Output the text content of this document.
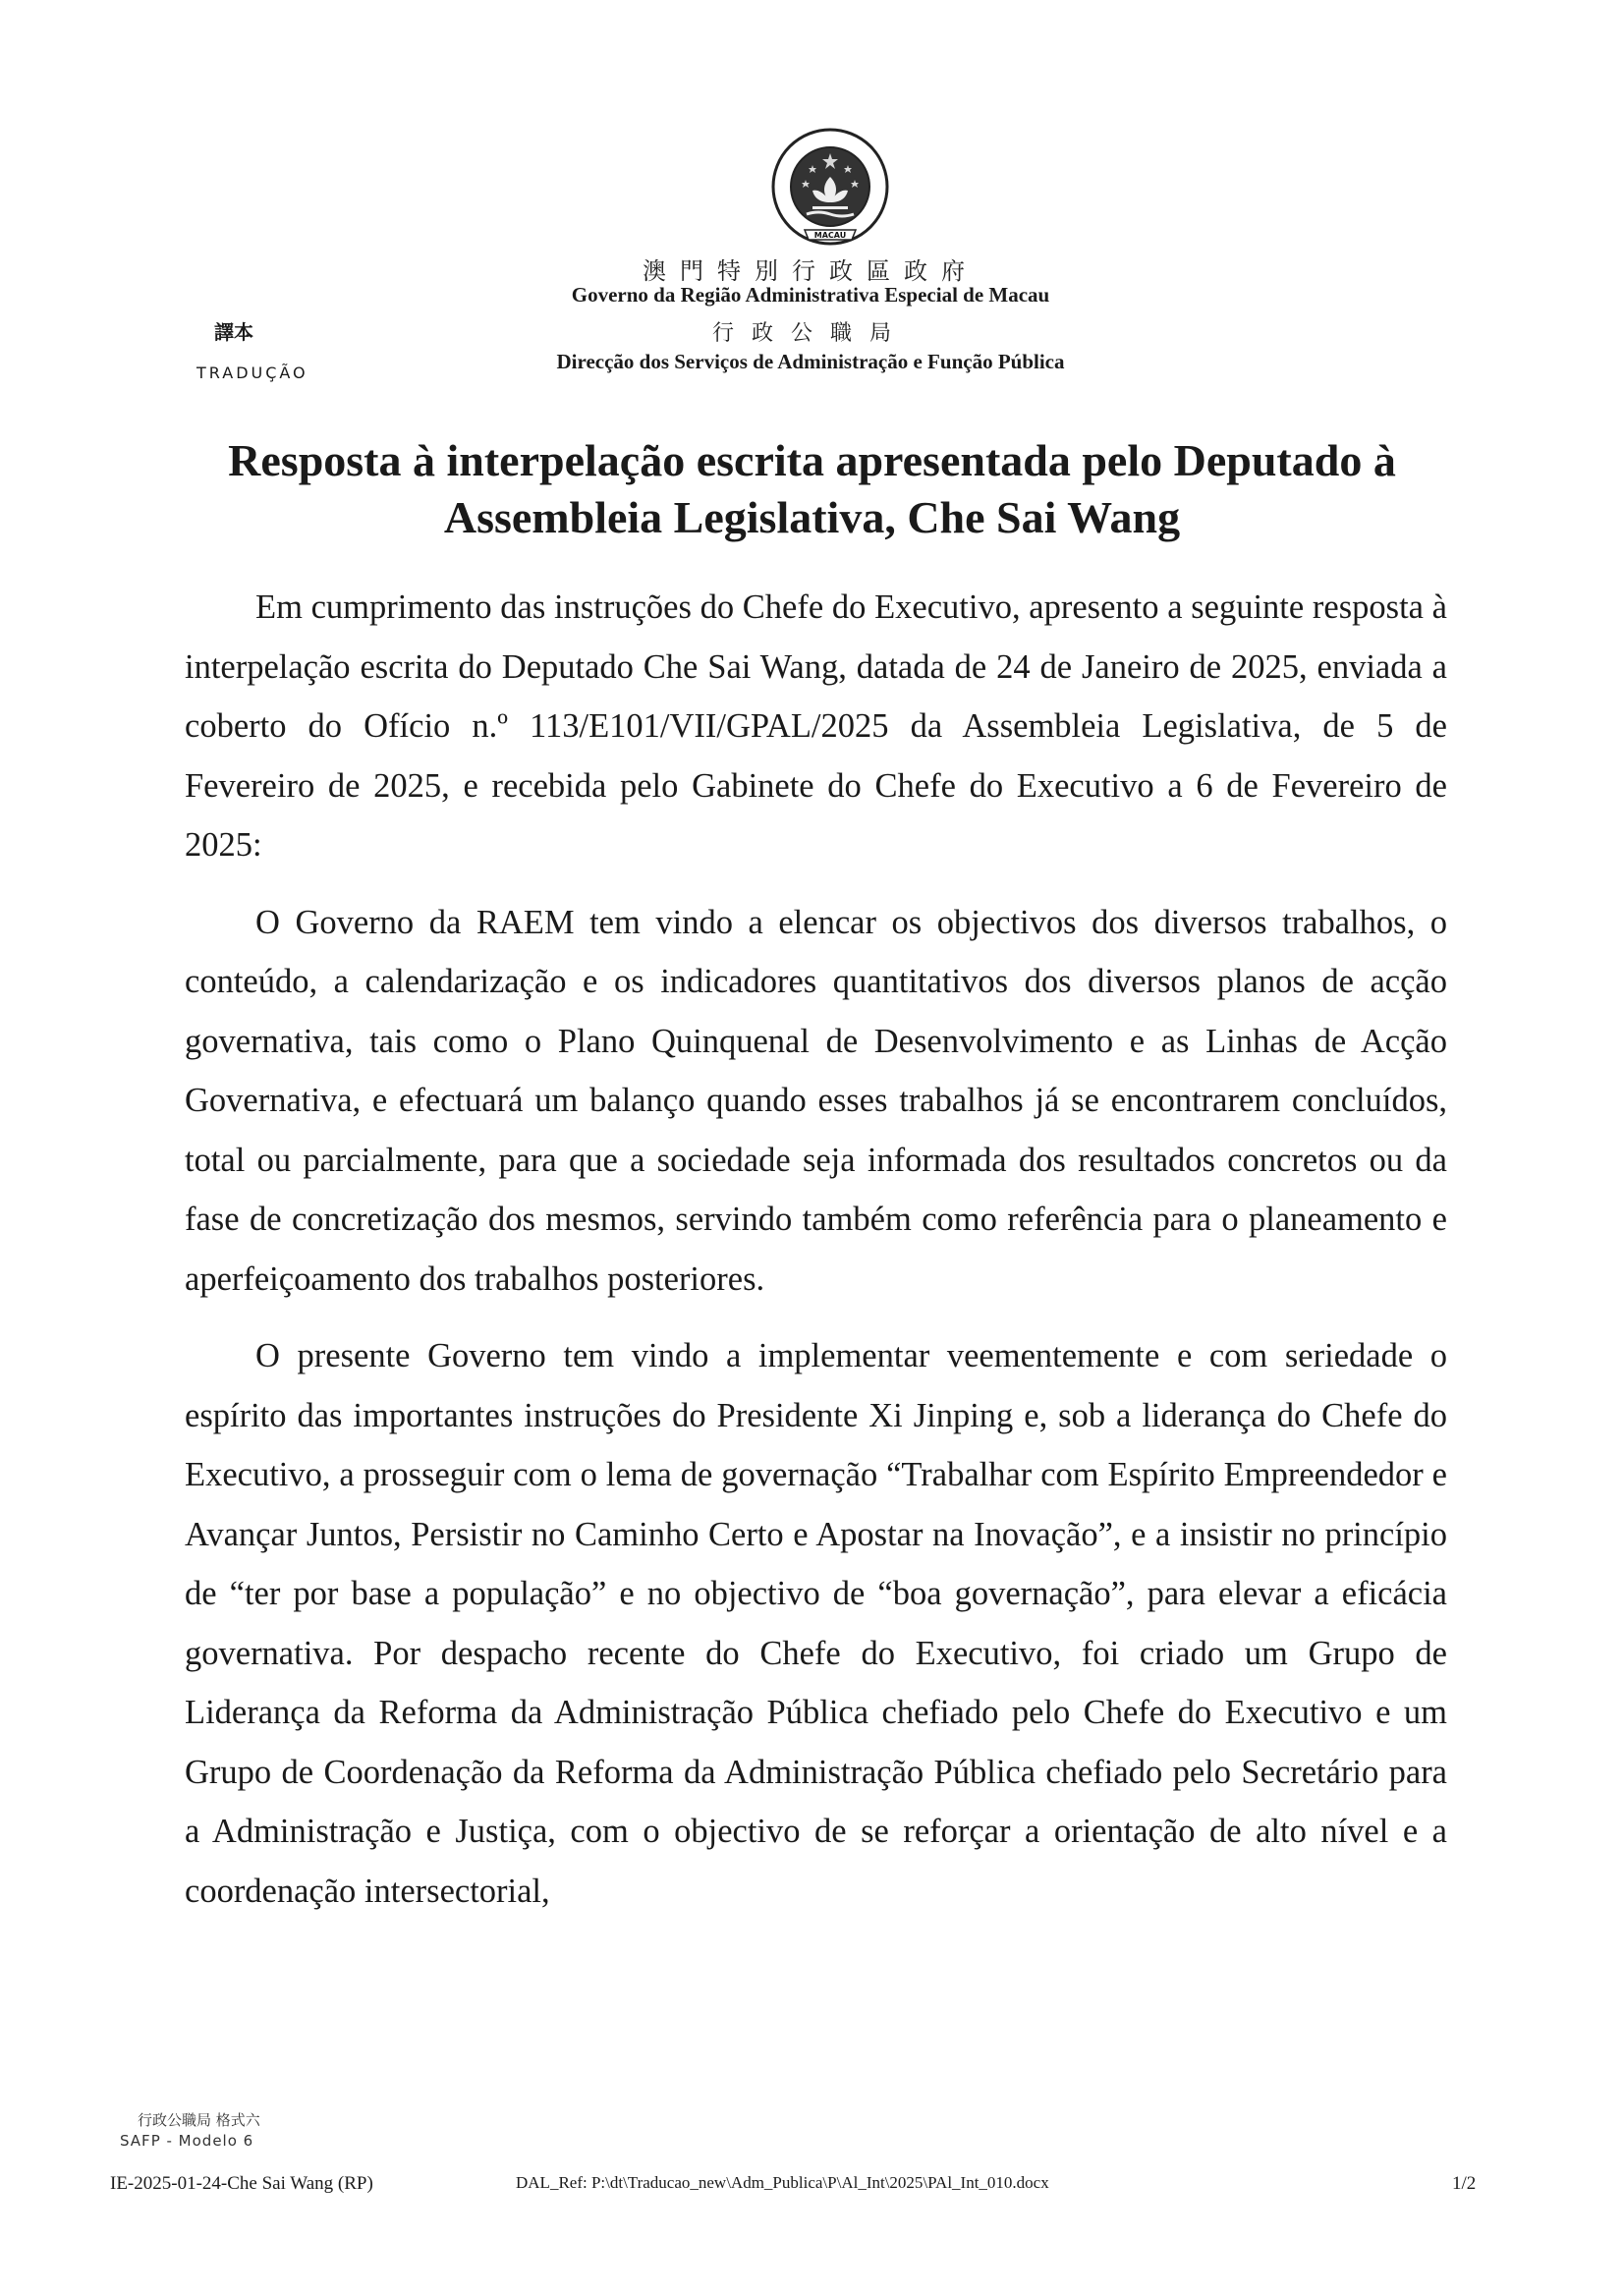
MACAU
澳門特別行政區政府
Governo da Região Administrativa Especial de Macau
行政公職局
Direcção dos Serviços de Administração e Função Pública
譯本
TRADUÇÃO
Resposta à interpelação escrita apresentada pelo Deputado à Assembleia Legislativa, Che Sai Wang

Em cumprimento das instruções do Chefe do Executivo, apresento a seguinte resposta à interpelação escrita do Deputado Che Sai Wang, datada de 24 de Janeiro de 2025, enviada a coberto do Ofício n.º 113/E101/VII/GPAL/2025 da Assembleia Legislativa, de 5 de Fevereiro de 2025, e recebida pelo Gabinete do Chefe do Executivo a 6 de Fevereiro de 2025:

O Governo da RAEM tem vindo a elencar os objectivos dos diversos trabalhos, o conteúdo, a calendarização e os indicadores quantitativos dos diversos planos de acção governativa, tais como o Plano Quinquenal de Desenvolvimento e as Linhas de Acção Governativa, e efectuará um balanço quando esses trabalhos já se encontrarem concluídos, total ou parcialmente, para que a sociedade seja informada dos resultados concretos ou da fase de concretização dos mesmos, servindo também como referência para o planeamento e aperfeiçoamento dos trabalhos posteriores.

O presente Governo tem vindo a implementar veementemente e com seriedade o espírito das importantes instruções do Presidente Xi Jinping e, sob a liderança do Chefe do Executivo, a prosseguir com o lema de governação “Trabalhar com Espírito Empreendedor e Avançar Juntos, Persistir no Caminho Certo e Apostar na Inovação”, e a insistir no princípio de “ter por base a população” e no objectivo de “boa governação”, para elevar a eficácia governativa. Por despacho recente do Chefe do Executivo, foi criado um Grupo de Liderança da Reforma da Administração Pública chefiado pelo Chefe do Executivo e um Grupo de Coordenação da Reforma da Administração Pública chefiado pelo Secretário para a Administração e Justiça, com o objectivo de se reforçar a orientação de alto nível e a coordenação intersectorial,

行政公職局 格式六
SAFP - Modelo 6
IE-2025-01-24-Che Sai Wang (RP)	DAL_Ref: P:\dt\Traducao_new\Adm_Publica\P\Al_Int\2025\PAl_Int_010.docx	1/2
